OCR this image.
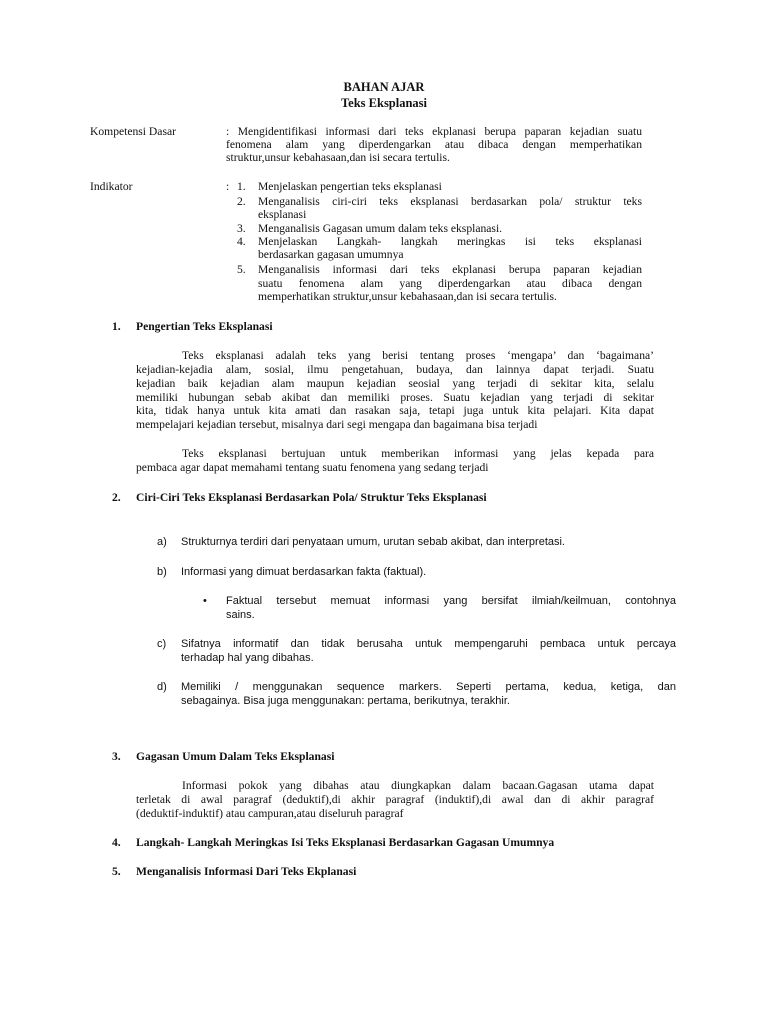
BAHAN AJAR
Teks Eksplanasi
Kompetensi Dasar	: Mengidentifikasi informasi dari teks ekplanasi berupa paparan kejadian suatu
fenomena alam yang diperdengarkan atau dibaca dengan memperhatikan
struktur,unsur kebahasaan,dan isi secara tertulis.
Indikator	: 1. Menjelaskan pengertian teks eksplanasi
2. Menganalisis ciri-ciri teks eksplanasi berdasarkan pola/ struktur teks
eksplanasi
3. Menganalisis Gagasan umum dalam teks eksplanasi.
4. Menjelaskan Langkah- langkah meringkas isi teks eksplanasi
berdasarkan gagasan umumnya
5. Menganalisis informasi dari teks ekplanasi berupa paparan kejadian
suatu fenomena alam yang diperdengarkan atau dibaca dengan
memperhatikan struktur,unsur kebahasaan,dan isi secara tertulis.
1. Pengertian Teks Eksplanasi
Teks eksplanasi adalah teks yang berisi tentang proses ‘mengapa’ dan ‘bagaimana’
kejadian-kejadia alam, sosial, ilmu pengetahuan, budaya, dan lainnya dapat terjadi. Suatu
kejadian baik kejadian alam maupun kejadian seosial yang terjadi di sekitar kita, selalu
memiliki hubungan sebab akibat dan memiliki proses. Suatu kejadian yang terjadi di sekitar
kita, tidak hanya untuk kita amati dan rasakan saja, tetapi juga untuk kita pelajari. Kita dapat
mempelajari kejadian tersebut, misalnya dari segi mengapa dan bagaimana bisa terjadi
Teks eksplanasi bertujuan untuk memberikan informasi yang jelas kepada para
pembaca agar dapat memahami tentang suatu fenomena yang sedang terjadi
2. Ciri-Ciri Teks Eksplanasi Berdasarkan Pola/ Struktur Teks Eksplanasi
a) Strukturnya terdiri dari penyataan umum, urutan sebab akibat, dan interpretasi.
b) Informasi yang dimuat berdasarkan fakta (faktual).
• Faktual tersebut memuat informasi yang bersifat ilmiah/keilmuan, contohnya
sains.
c) Sifatnya informatif dan tidak berusaha untuk mempengaruhi pembaca untuk percaya
terhadap hal yang dibahas.
d) Memiliki / menggunakan sequence markers. Seperti pertama, kedua, ketiga, dan
sebagainya. Bisa juga menggunakan: pertama, berikutnya, terakhir.
3. Gagasan Umum Dalam Teks Eksplanasi
Informasi pokok yang dibahas atau diungkapkan dalam bacaan.Gagasan utama dapat
terletak di awal paragraf (deduktif),di akhir paragraf (induktif),di awal dan di akhir paragraf
(deduktif-induktif) atau campuran,atau diseluruh paragraf
4. Langkah- Langkah Meringkas Isi Teks Eksplanasi Berdasarkan Gagasan Umumnya
5. Menganalisis Informasi Dari Teks Ekplanasi
